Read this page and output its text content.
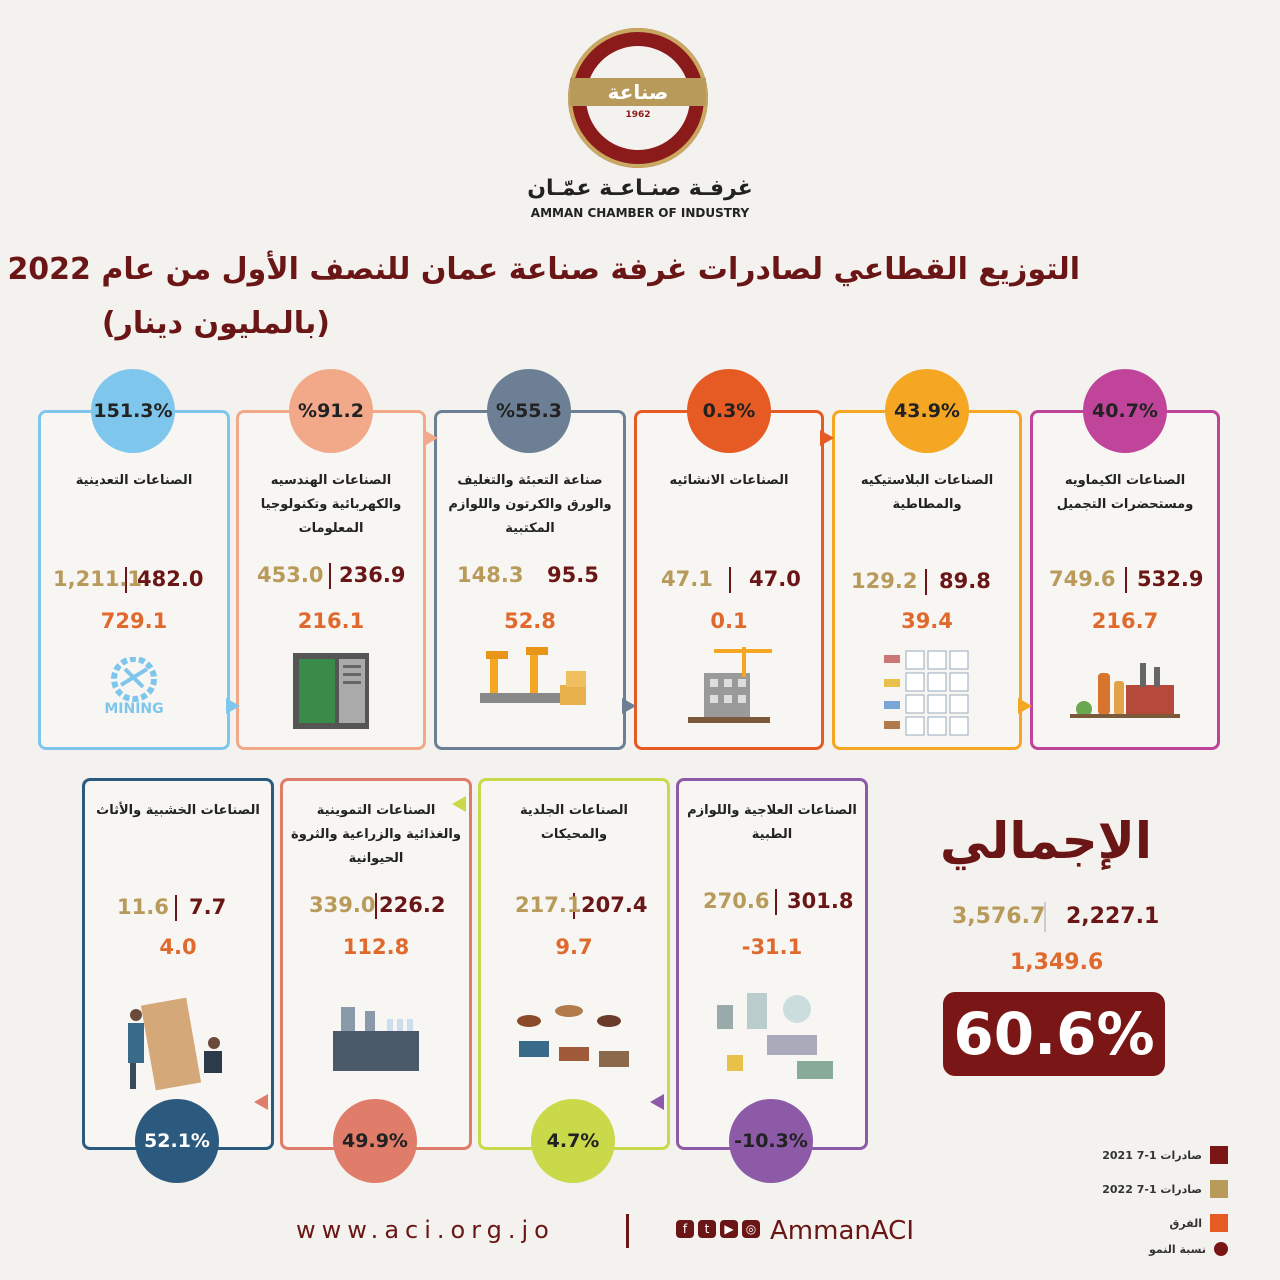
صناعة
1962
غرفـة صنـاعـة عمّـان
AMMAN CHAMBER OF INDUSTRY
التوزيع القطاعي لصادرات غرفة صناعة عمان للنصف الأول من عام 2022
(بالمليون دينار)
40.7%
الصناعات الكيماويه ومستحضرات التجميل
532.9
749.6
216.7
43.9%
الصناعات البلاستيكيه والمطاطية
89.8
129.2
39.4
0.3%
الصناعات الانشائيه
47.0
47.1
0.1
%55.3
صناعة التعبئة والتغليف والورق والكرتون واللوازم المكتبية
95.5
148.3
52.8
%91.2
الصناعات الهندسيه والكهربائية وتكنولوجيا المعلومات
236.9
453.0
216.1
151.3%
الصناعات التعدينية
482.0
1,211.1
729.1
MINING
الصناعات العلاجية واللوازم الطبية
301.8
270.6
-31.1
-10.3%
الصناعات الجلدية والمحيكات
207.4
217.1
9.7
4.7%
الصناعات التموينية والغذائية والزراعية والثروة الحيوانية
226.2
339.0
112.8
49.9%
الصناعات الخشبية والأثاث
7.7
11.6
4.0
52.1%
الإجمالي
2,227.1
3,576.7
1,349.6
60.6%
صادرات 1-7 2021
صادرات 1-7 2022
الفرق
نسبة النمو
www.aci.org.jo	f	t	▶	◎ AmmanACI
